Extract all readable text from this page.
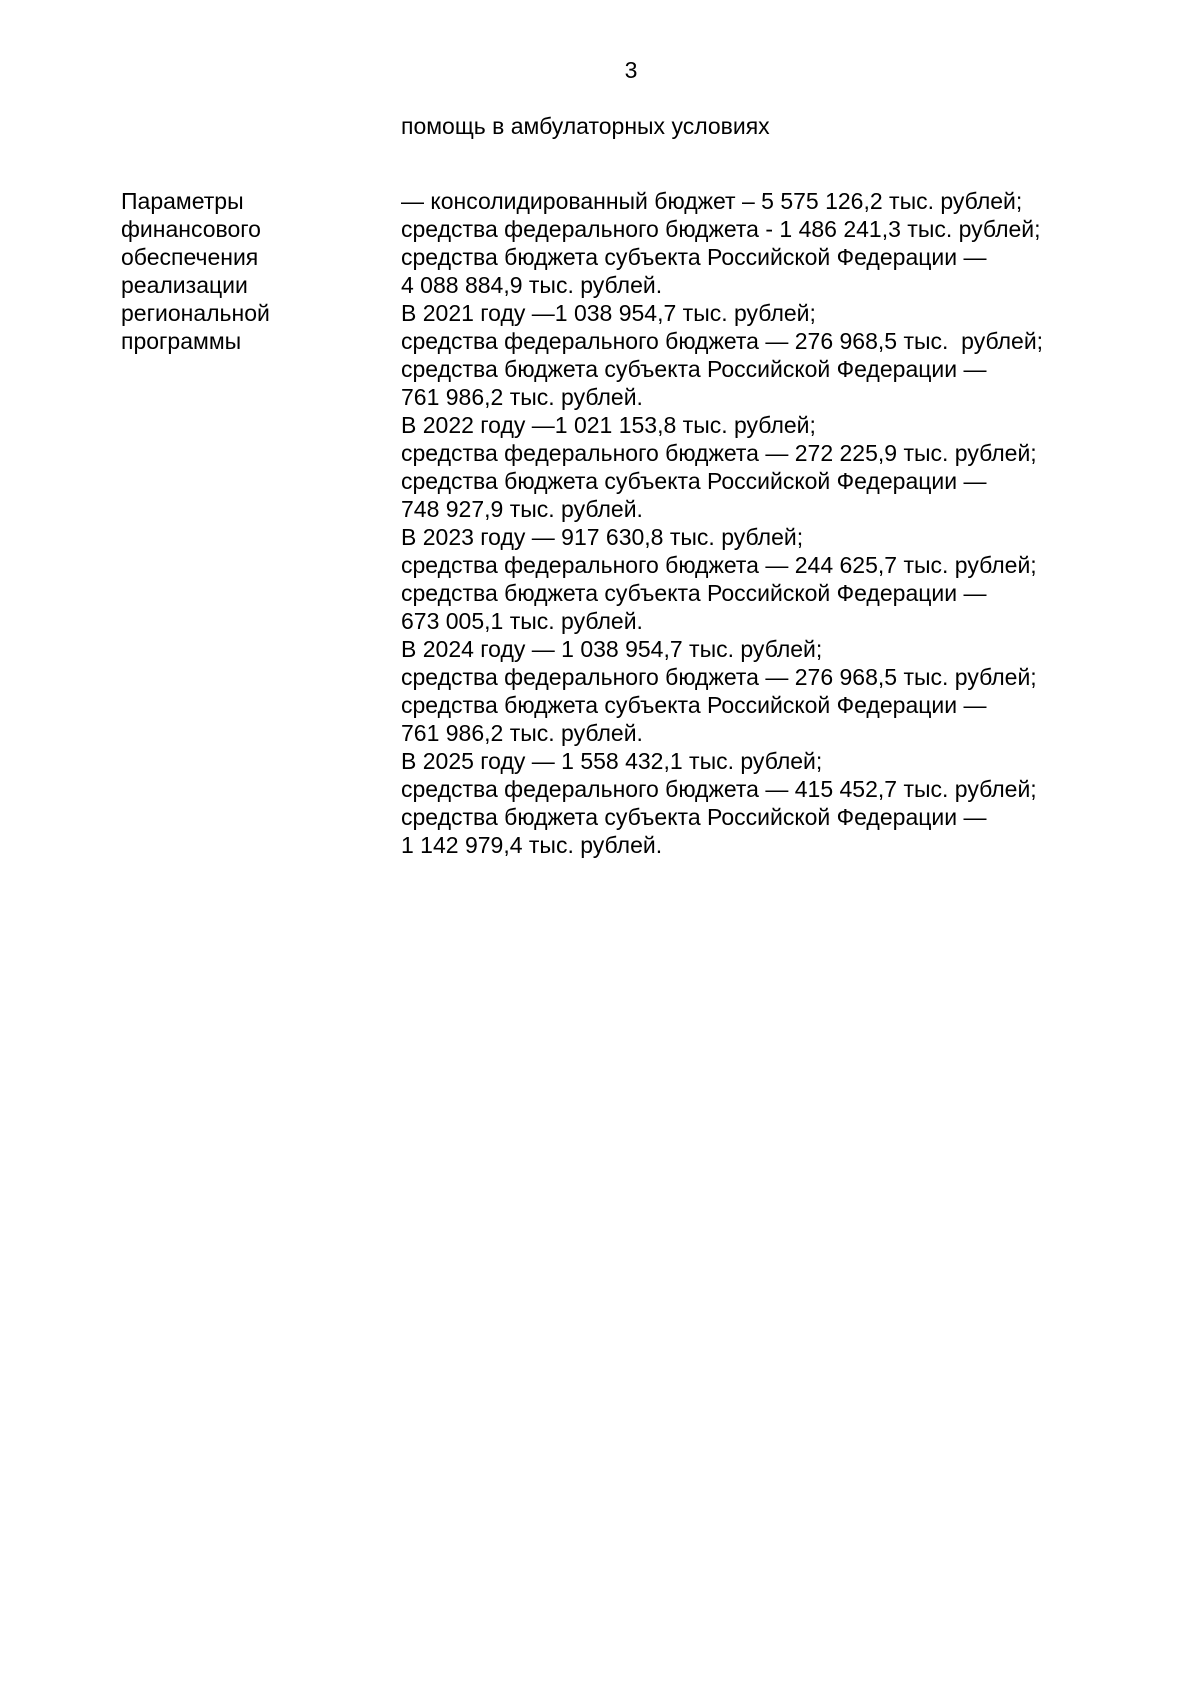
3
помощь в амбулаторных условиях
Параметры
финансового
обеспечения
реализации
региональной
программы
— консолидированный бюджет – 5 575 126,2 тыс. рублей;
средства федерального бюджета - 1 486 241,3 тыс. рублей;
средства бюджета субъекта Российской Федерации —
4 088 884,9 тыс. рублей.
В 2021 году —1 038 954,7 тыс. рублей;
средства федерального бюджета — 276 968,5 тыс.  рублей;
средства бюджета субъекта Российской Федерации —
761 986,2 тыс. рублей.
В 2022 году —1 021 153,8 тыс. рублей;
средства федерального бюджета — 272 225,9 тыс. рублей;
средства бюджета субъекта Российской Федерации —
748 927,9 тыс. рублей.
В 2023 году — 917 630,8 тыс. рублей;
средства федерального бюджета — 244 625,7 тыс. рублей;
средства бюджета субъекта Российской Федерации —
673 005,1 тыс. рублей.
В 2024 году — 1 038 954,7 тыс. рублей;
средства федерального бюджета — 276 968,5 тыс. рублей;
средства бюджета субъекта Российской Федерации —
761 986,2 тыс. рублей.
В 2025 году — 1 558 432,1 тыс. рублей;
средства федерального бюджета — 415 452,7 тыс. рублей;
средства бюджета субъекта Российской Федерации —
1 142 979,4 тыс. рублей.
